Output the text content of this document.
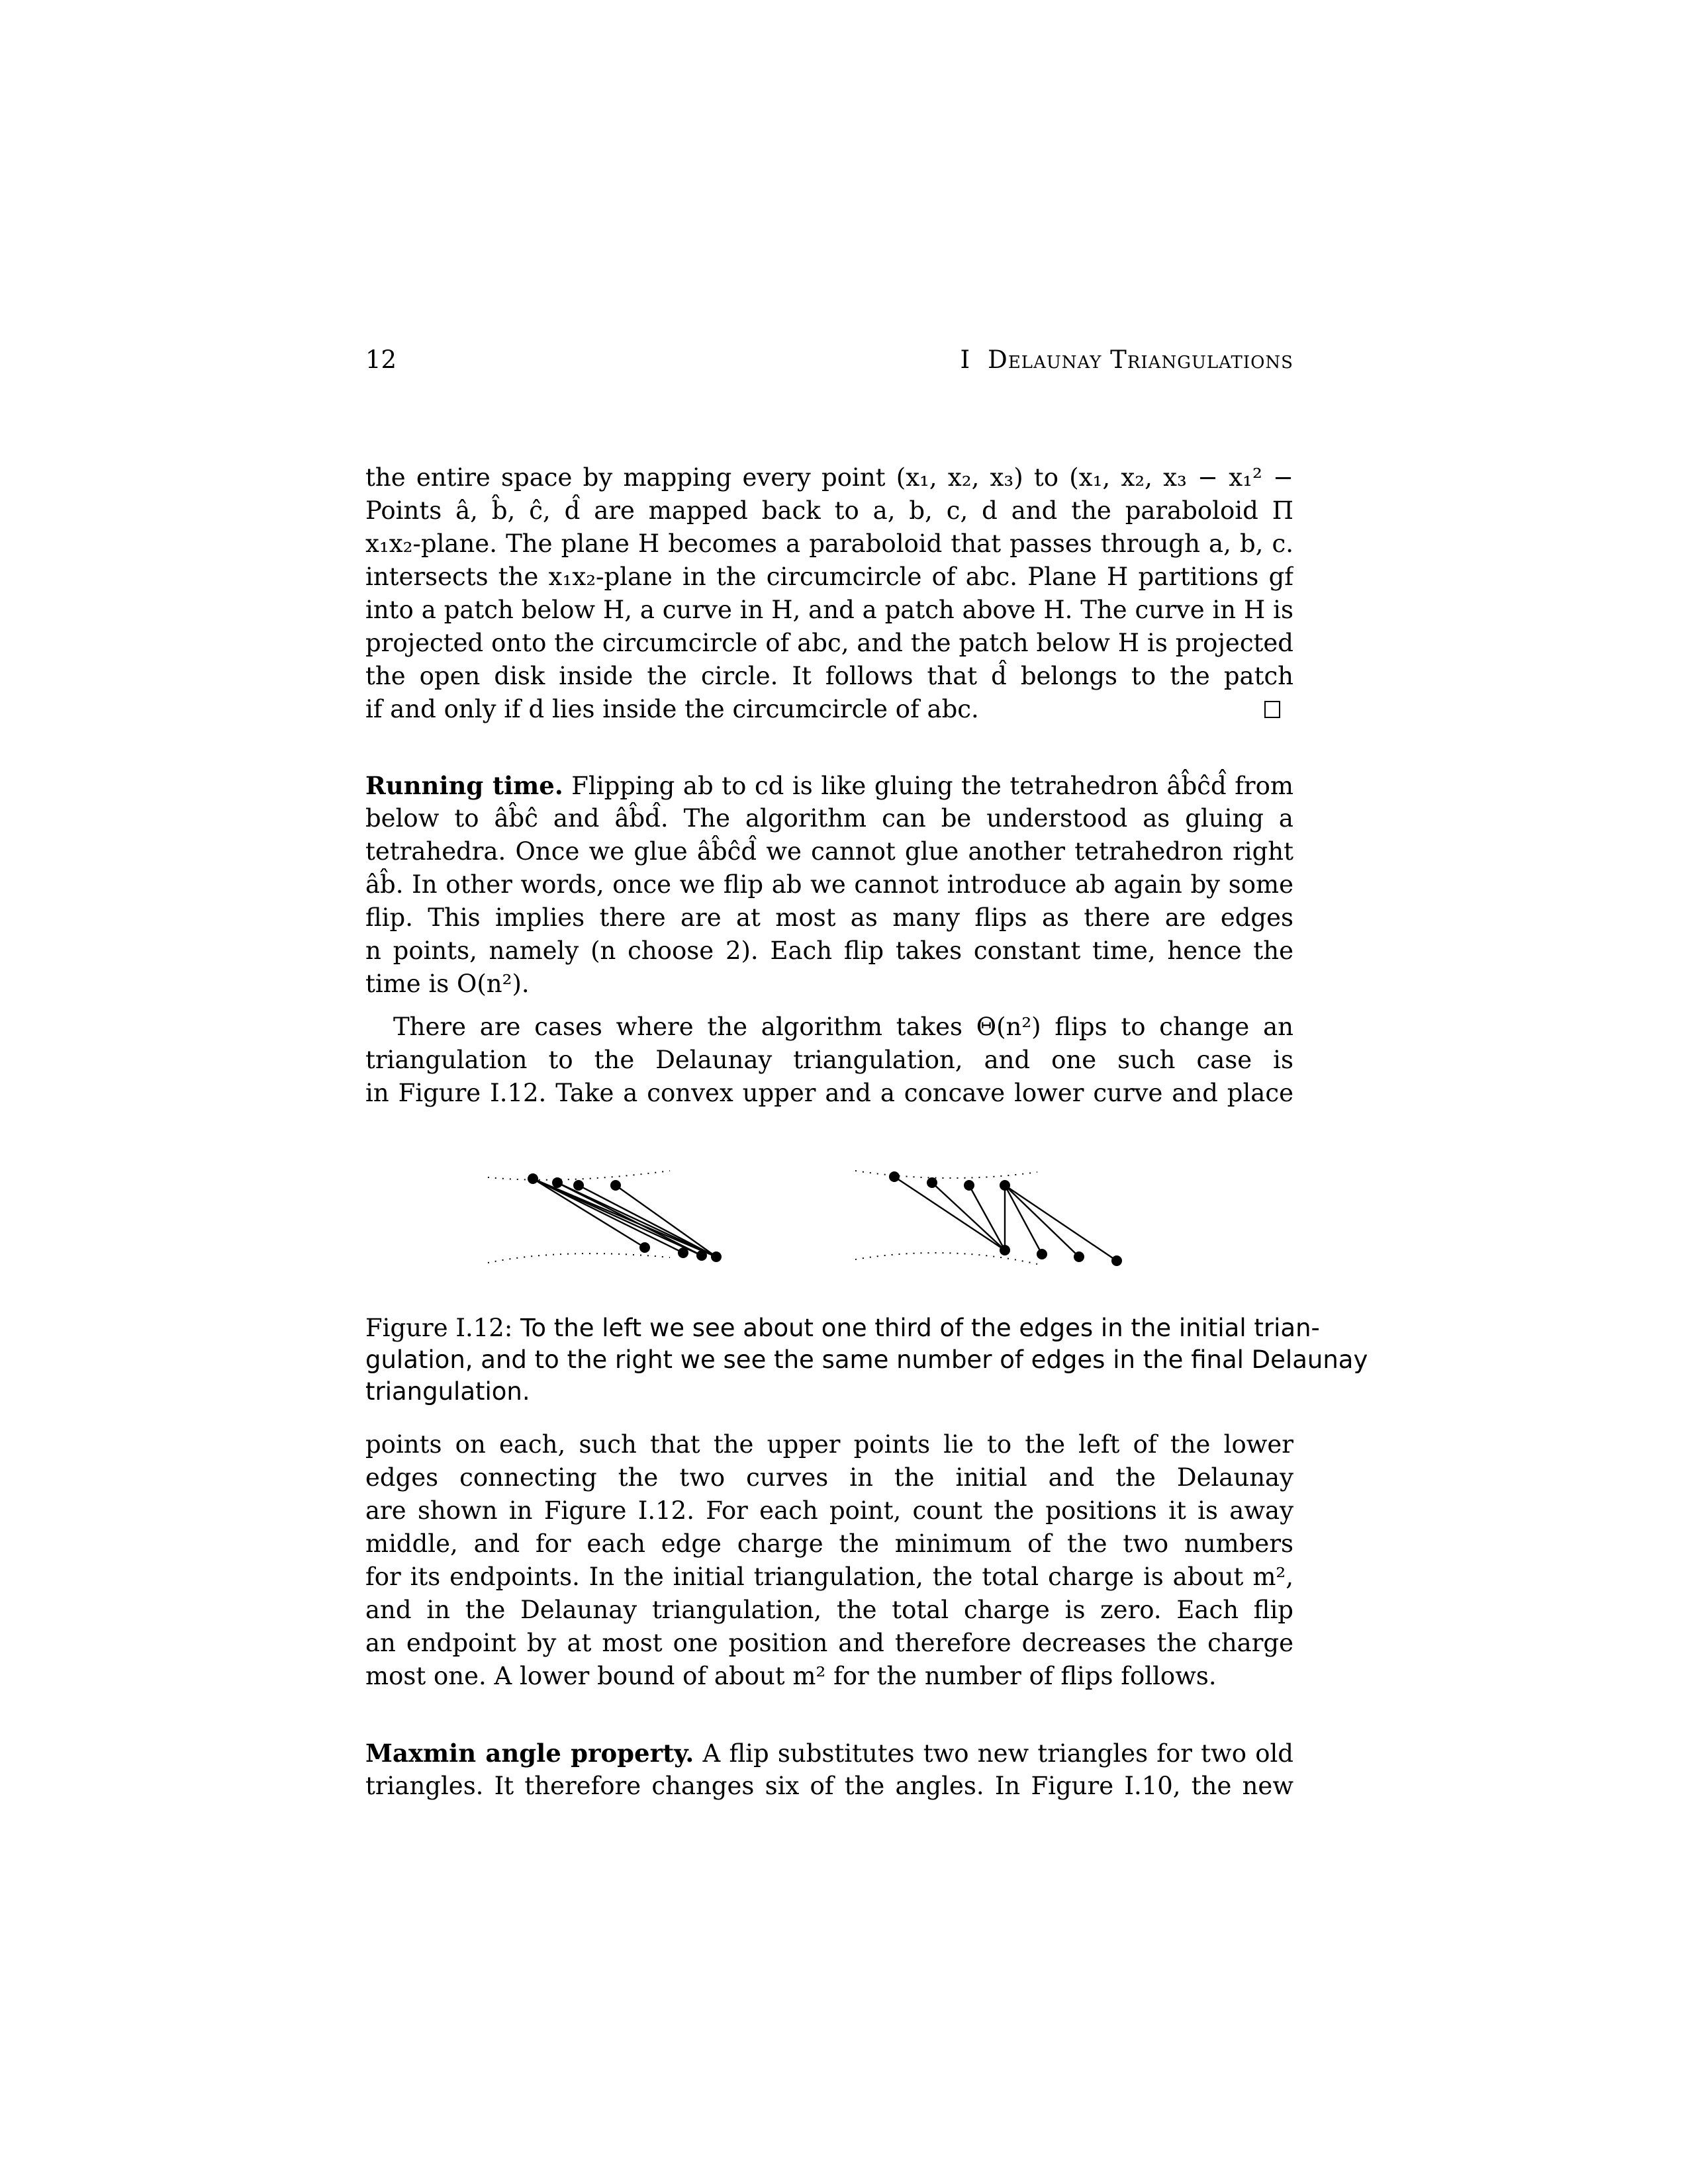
12	I Delaunay Triangulations
the entire space by mapping every point (x₁, x₂, x₃) to (x₁, x₂, x₃ − x₁² −
Points â, b̂, ĉ, d̂ are mapped back to a, b, c, d and the paraboloid Π
x₁x₂-plane. The plane H becomes a paraboloid that passes through a, b, c.
intersects the x₁x₂-plane in the circumcircle of abc. Plane H partitions gf
into a patch below H, a curve in H, and a patch above H. The curve in H is
projected onto the circumcircle of abc, and the patch below H is projected
the open disk inside the circle. It follows that d̂ belongs to the patch
if and only if d lies inside the circumcircle of abc.
Running time. Flipping ab to cd is like gluing the tetrahedron âb̂ĉd̂ from
below to âb̂ĉ and âb̂d̂. The algorithm can be understood as gluing a
tetrahedra. Once we glue âb̂ĉd̂ we cannot glue another tetrahedron right
âb̂. In other words, once we flip ab we cannot introduce ab again by some
flip. This implies there are at most as many flips as there are edges
n points, namely (n choose 2). Each flip takes constant time, hence the
time is O(n²).
There are cases where the algorithm takes Θ(n²) flips to change an
triangulation to the Delaunay triangulation, and one such case is
in Figure I.12. Take a convex upper and a concave lower curve and place
Figure I.12: To the left we see about one third of the edges in the initial trian-
gulation, and to the right we see the same number of edges in the final Delaunay
triangulation.
points on each, such that the upper points lie to the left of the lower
edges connecting the two curves in the initial and the Delaunay
are shown in Figure I.12. For each point, count the positions it is away
middle, and for each edge charge the minimum of the two numbers
for its endpoints. In the initial triangulation, the total charge is about m²,
and in the Delaunay triangulation, the total charge is zero. Each flip
an endpoint by at most one position and therefore decreases the charge
most one. A lower bound of about m² for the number of flips follows.
Maxmin angle property. A flip substitutes two new triangles for two old
triangles. It therefore changes six of the angles. In Figure I.10, the new
